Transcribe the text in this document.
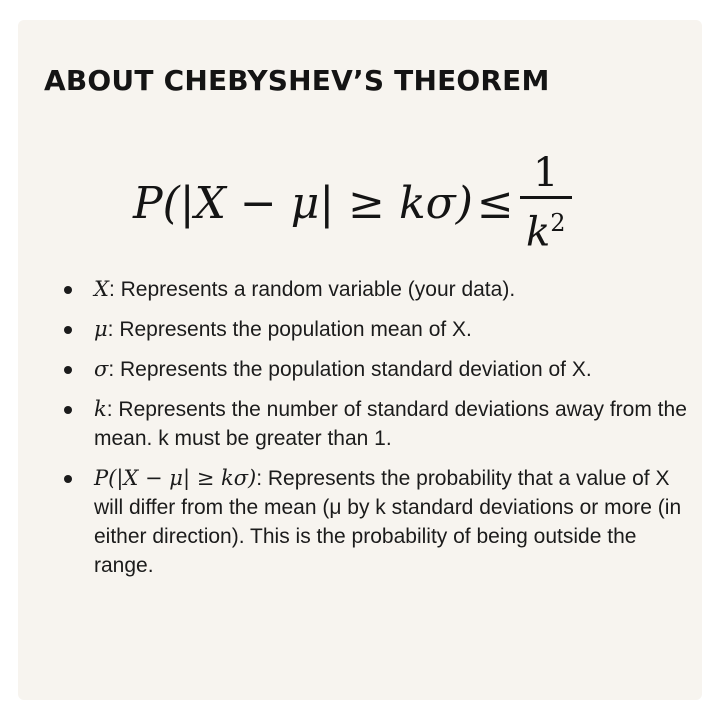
ABOUT CHEBYSHEV’S THEOREM
$P(|X - \mu| \ge k\sigma) \le \frac{1}{k^2}$
X: Represents a random variable (your data).
μ: Represents the population mean of X.
σ: Represents the population standard deviation of X.
k: Represents the number of standard deviations away from the mean. k must be greater than 1.
P(|X − μ| ≥ kσ): Represents the probability that a value of X will differ from the mean (μ by k standard deviations or more (in either direction). This is the probability of being outside the range.
